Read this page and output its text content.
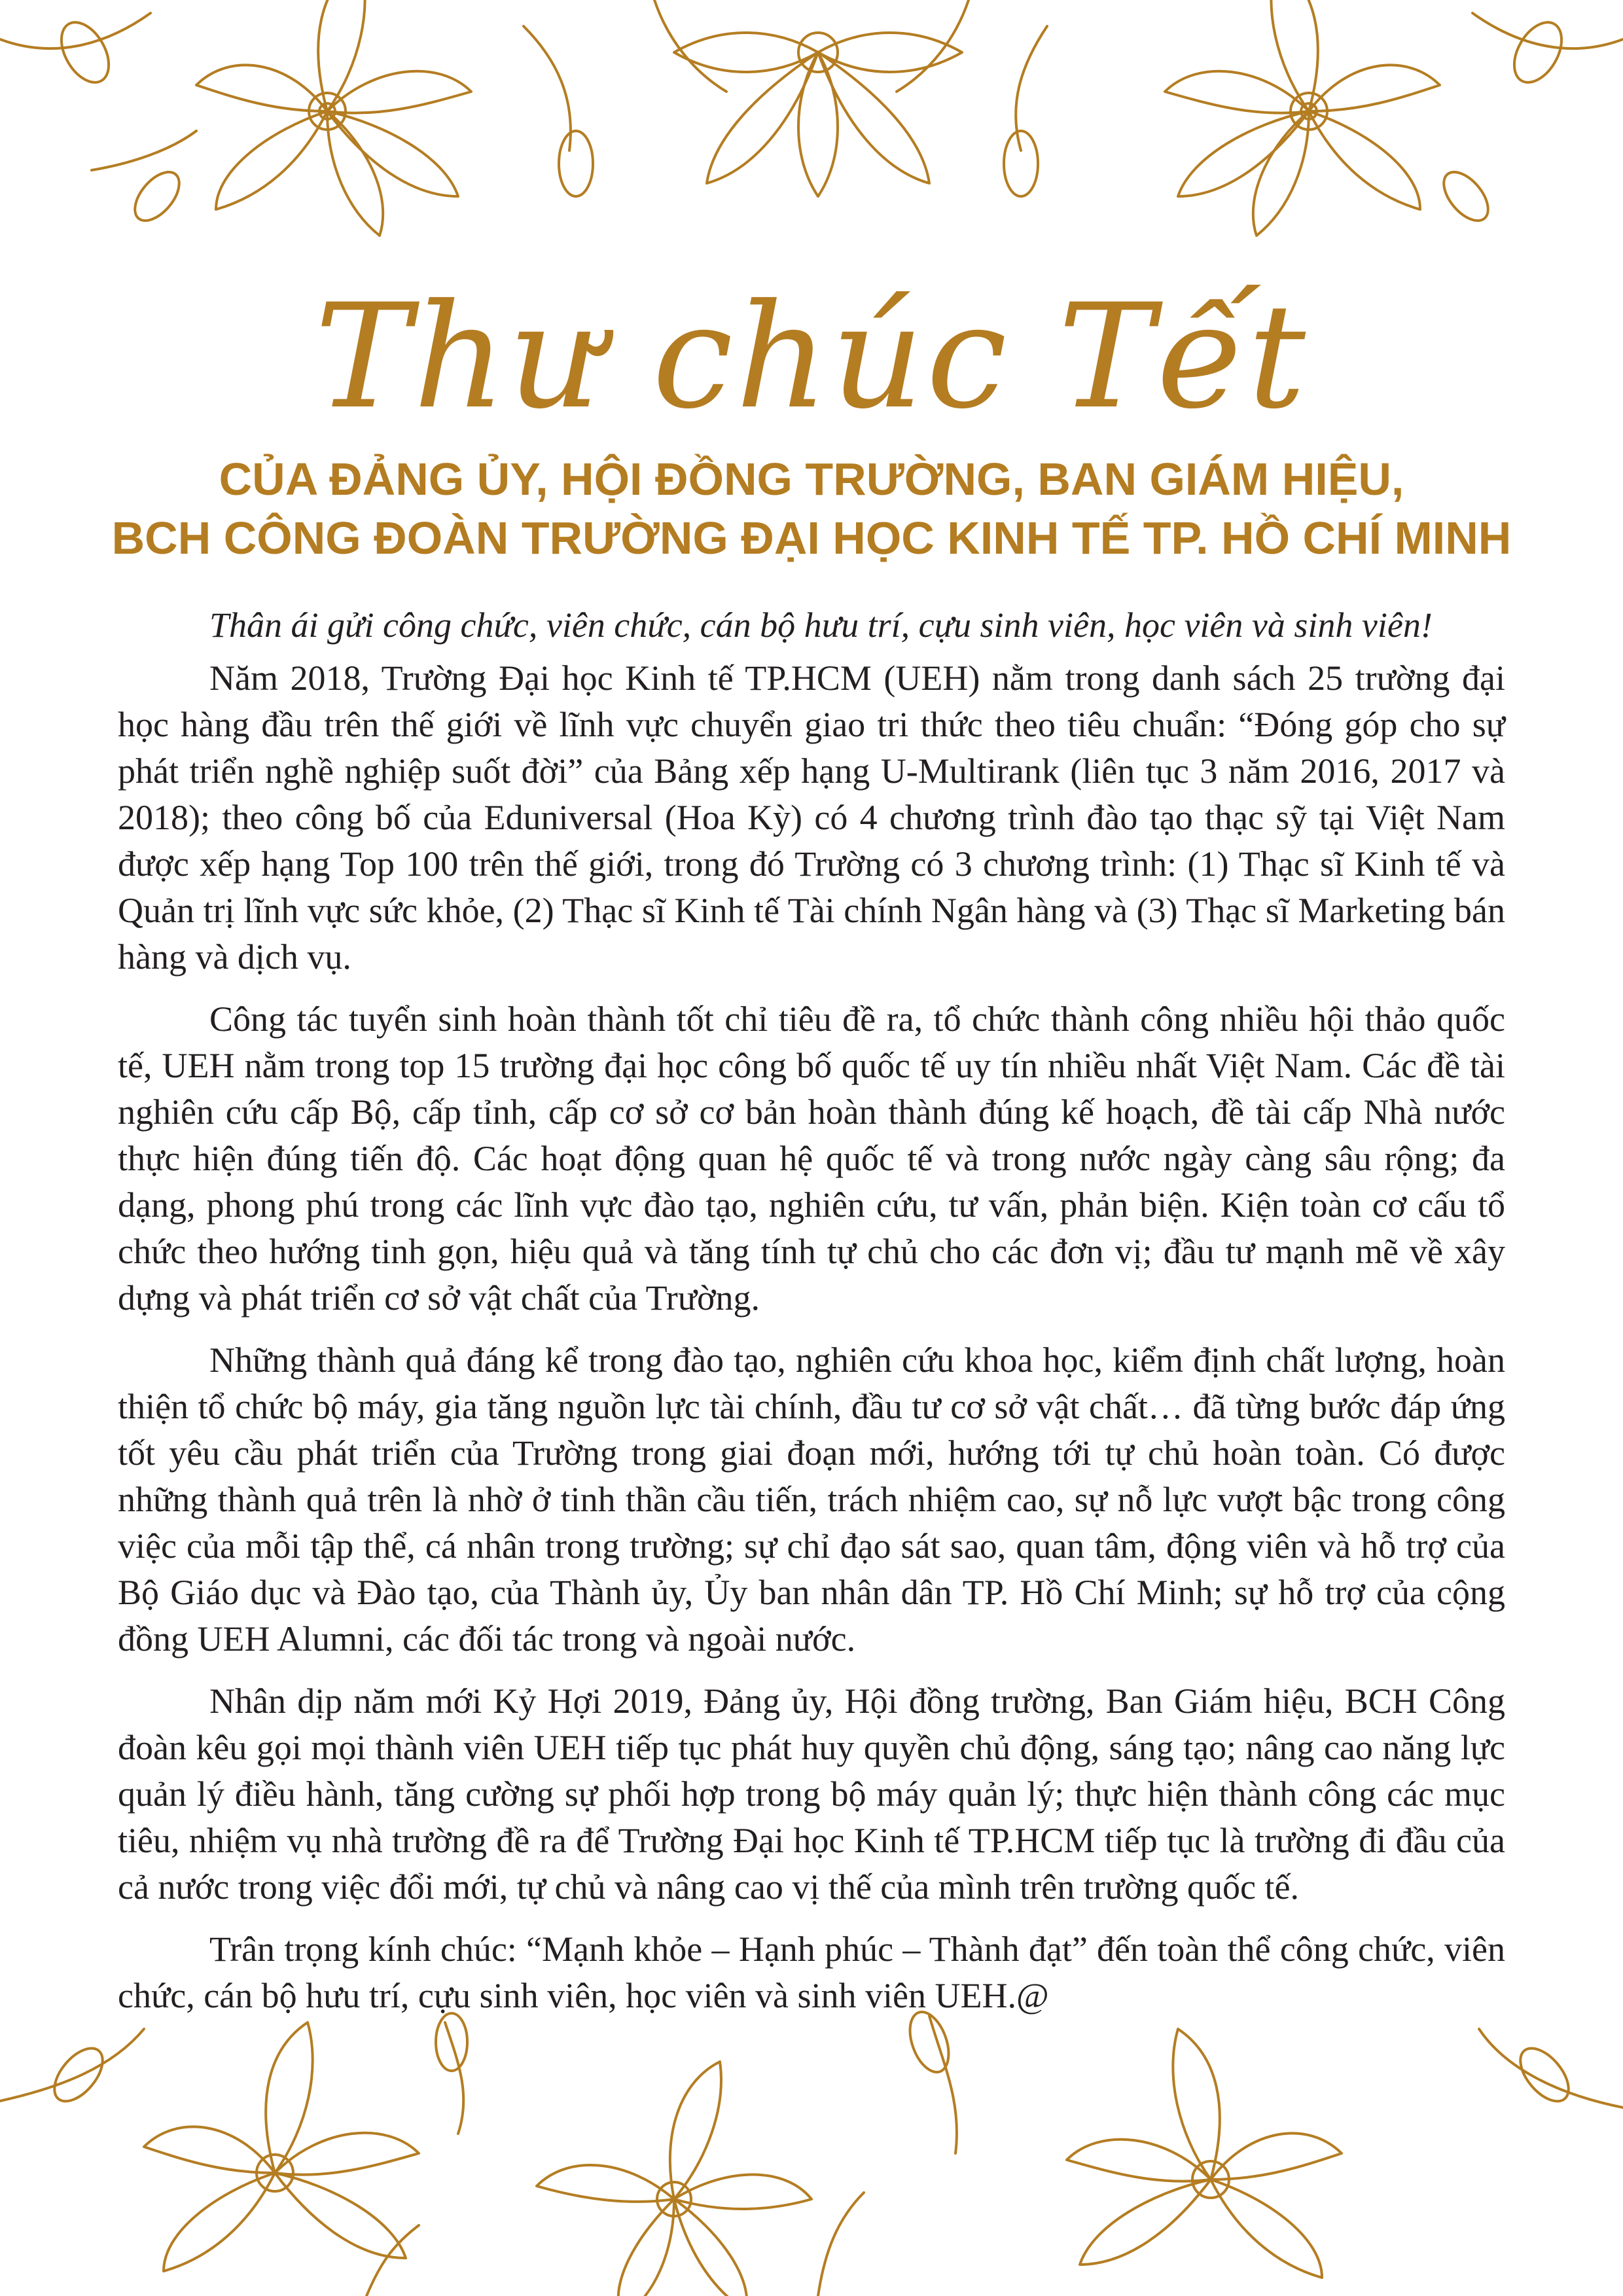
Thư chúc Tết
CỦA ĐẢNG ỦY, HỘI ĐỒNG TRƯỜNG, BAN GIÁM HIỆU,
BCH CÔNG ĐOÀN TRƯỜNG ĐẠI HỌC KINH TẾ TP. HỒ CHÍ MINH

Thân ái gửi công chức, viên chức, cán bộ hưu trí, cựu sinh viên, học viên và sinh viên!

Năm 2018, Trường Đại học Kinh tế TP.HCM (UEH) nằm trong danh sách 25 trường đại học hàng đầu trên thế giới về lĩnh vực chuyển giao tri thức theo tiêu chuẩn: “Đóng góp cho sự phát triển nghề nghiệp suốt đời” của Bảng xếp hạng U-Multirank (liên tục 3 năm 2016, 2017 và 2018); theo công bố của Eduniversal (Hoa Kỳ) có 4 chương trình đào tạo thạc sỹ tại Việt Nam được xếp hạng Top 100 trên thế giới, trong đó Trường có 3 chương trình: (1) Thạc sĩ Kinh tế và Quản trị lĩnh vực sức khỏe, (2) Thạc sĩ Kinh tế Tài chính Ngân hàng và (3) Thạc sĩ Marketing bán hàng và dịch vụ.

Công tác tuyển sinh hoàn thành tốt chỉ tiêu đề ra, tổ chức thành công nhiều hội thảo quốc tế, UEH nằm trong top 15 trường đại học công bố quốc tế uy tín nhiều nhất Việt Nam. Các đề tài nghiên cứu cấp Bộ, cấp tỉnh, cấp cơ sở cơ bản hoàn thành đúng kế hoạch, đề tài cấp Nhà nước thực hiện đúng tiến độ. Các hoạt động quan hệ quốc tế và trong nước ngày càng sâu rộng; đa dạng, phong phú trong các lĩnh vực đào tạo, nghiên cứu, tư vấn, phản biện. Kiện toàn cơ cấu tổ chức theo hướng tinh gọn, hiệu quả và tăng tính tự chủ cho các đơn vị; đầu tư mạnh mẽ về xây dựng và phát triển cơ sở vật chất của Trường.

Những thành quả đáng kể trong đào tạo, nghiên cứu khoa học, kiểm định chất lượng, hoàn thiện tổ chức bộ máy, gia tăng nguồn lực tài chính, đầu tư cơ sở vật chất… đã từng bước đáp ứng tốt yêu cầu phát triển của Trường trong giai đoạn mới, hướng tới tự chủ hoàn toàn. Có được những thành quả trên là nhờ ở tinh thần cầu tiến, trách nhiệm cao, sự nỗ lực vượt bậc trong công việc của mỗi tập thể, cá nhân trong trường; sự chỉ đạo sát sao, quan tâm, động viên và hỗ trợ của Bộ Giáo dục và Đào tạo, của Thành ủy, Ủy ban nhân dân TP. Hồ Chí Minh; sự hỗ trợ của cộng đồng UEH Alumni, các đối tác trong và ngoài nước.

Nhân dịp năm mới Kỷ Hợi 2019, Đảng ủy, Hội đồng trường, Ban Giám hiệu, BCH Công đoàn kêu gọi mọi thành viên UEH tiếp tục phát huy quyền chủ động, sáng tạo; nâng cao năng lực quản lý điều hành, tăng cường sự phối hợp trong bộ máy quản lý; thực hiện thành công các mục tiêu, nhiệm vụ nhà trường đề ra để Trường Đại học Kinh tế TP.HCM tiếp tục là trường đi đầu của cả nước trong việc đổi mới, tự chủ và nâng cao vị thế của mình trên trường quốc tế.

Trân trọng kính chúc: “Mạnh khỏe – Hạnh phúc – Thành đạt” đến toàn thể công chức, viên chức, cán bộ hưu trí, cựu sinh viên, học viên và sinh viên UEH.@
